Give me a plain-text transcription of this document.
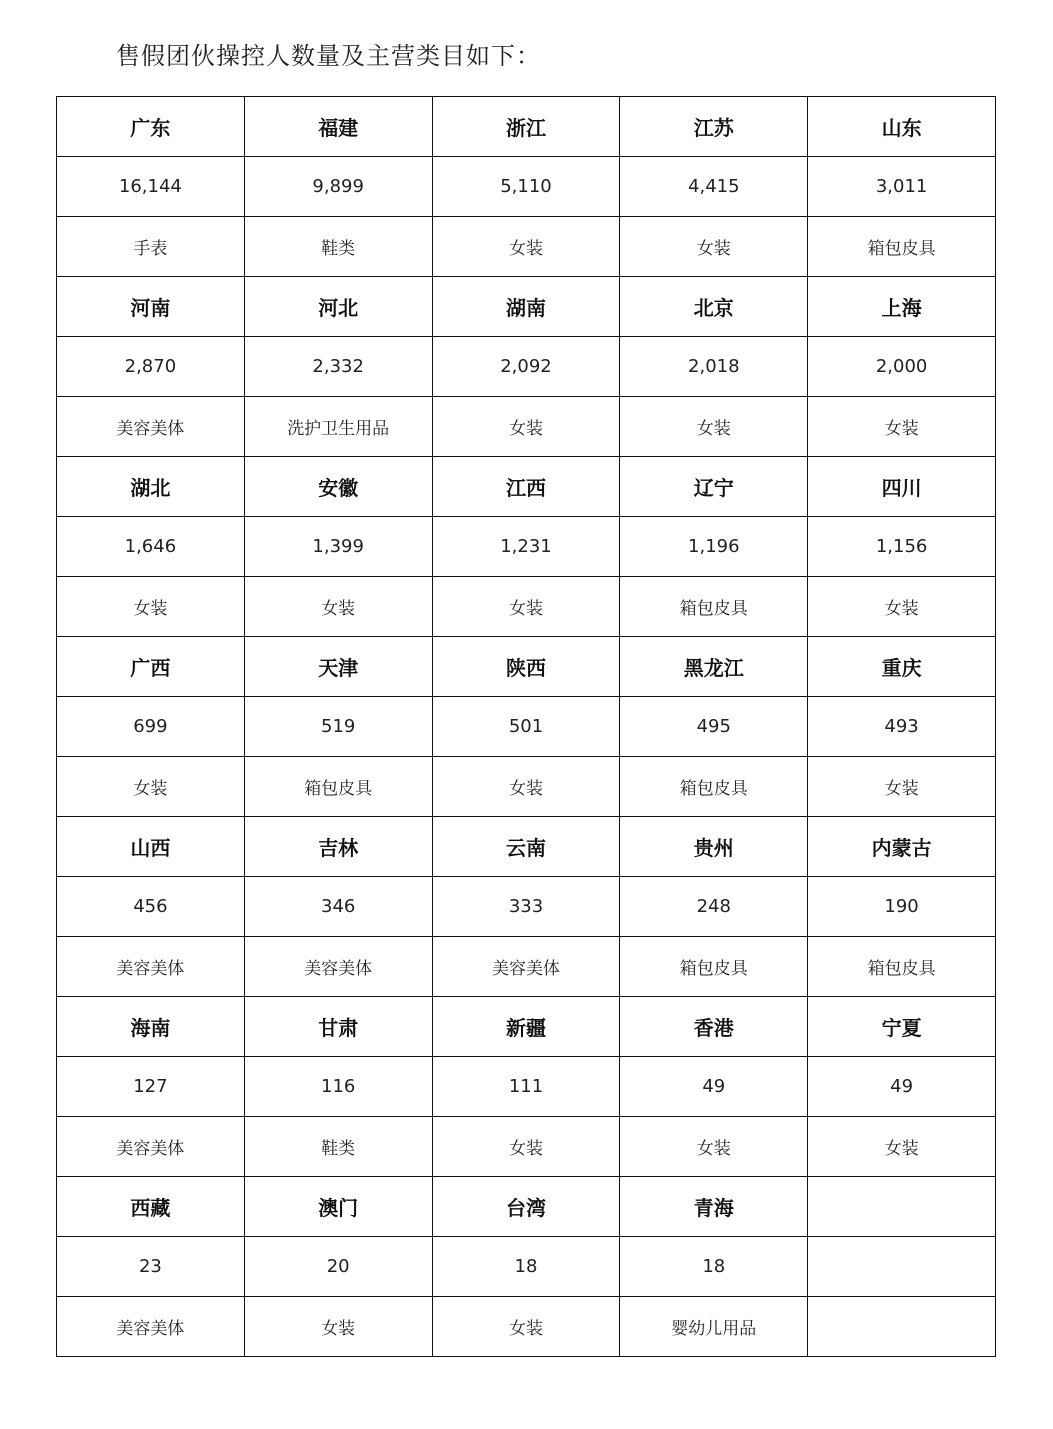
售假团伙操控人数量及主营类目如下：
广东	福建	浙江	江苏	山东
16,144	9,899	5,110	4,415	3,011
手表	鞋类	女装	女装	箱包皮具
河南	河北	湖南	北京	上海
2,870	2,332	2,092	2,018	2,000
美容美体	洗护卫生用品	女装	女装	女装
湖北	安徽	江西	辽宁	四川
1,646	1,399	1,231	1,196	1,156
女装	女装	女装	箱包皮具	女装
广西	天津	陕西	黑龙江	重庆
699	519	501	495	493
女装	箱包皮具	女装	箱包皮具	女装
山西	吉林	云南	贵州	内蒙古
456	346	333	248	190
美容美体	美容美体	美容美体	箱包皮具	箱包皮具
海南	甘肃	新疆	香港	宁夏
127	116	111	49	49
美容美体	鞋类	女装	女装	女装
西藏	澳门	台湾	青海	
23	20	18	18	
美容美体	女装	女装	婴幼儿用品	
